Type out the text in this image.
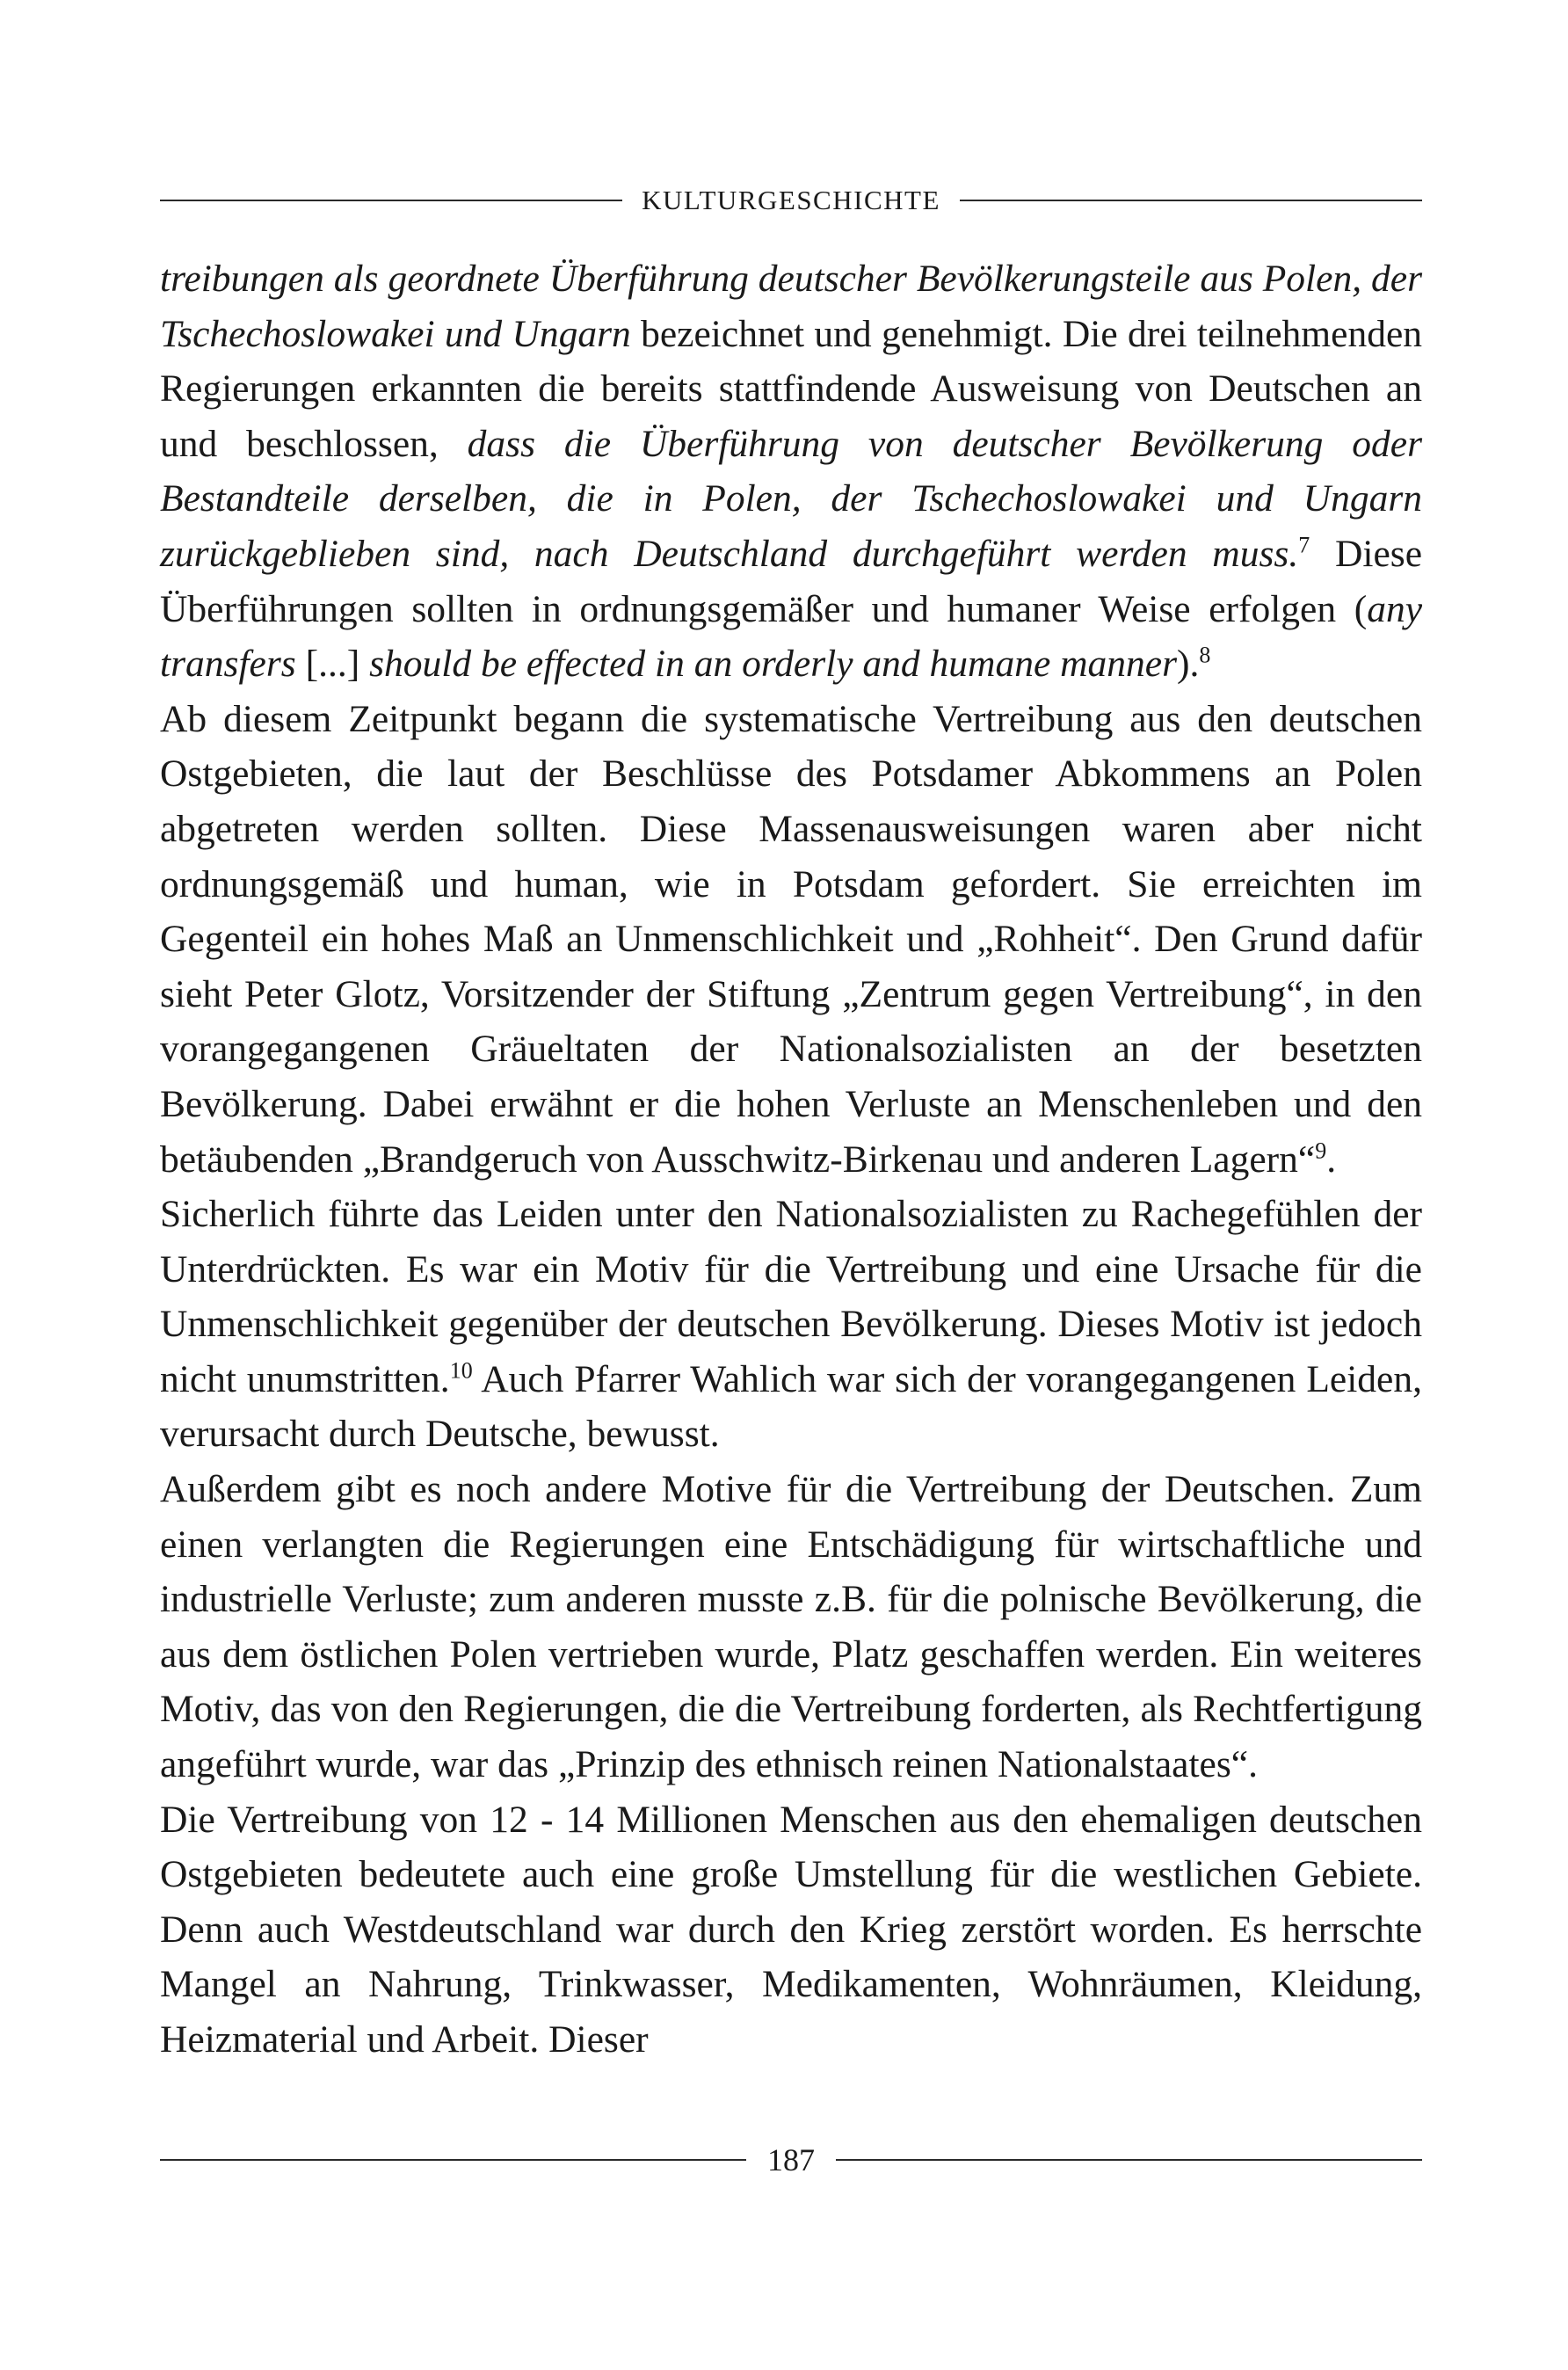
KULTURGESCHICHTE

treibungen als geordnete Überführung deutscher Bevölkerungsteile aus Polen, der Tschechoslowakei und Ungarn bezeichnet und genehmigt. Die drei teilnehmenden Regierungen erkannten die bereits stattfindende Ausweisung von Deutschen an und beschlossen, dass die Überführung von deutscher Bevölkerung oder Bestandteile derselben, die in Polen, der Tschechoslowakei und Ungarn zurückgeblieben sind, nach Deutschland durchgeführt werden muss.$^7$ Diese Überführungen sollten in ordnungsgemäßer und humaner Weise erfolgen (any transfers [...] should be effected in an orderly and humane manner).$^8$

Ab diesem Zeitpunkt begann die systematische Vertreibung aus den deutschen Ostgebieten, die laut der Beschlüsse des Potsdamer Abkommens an Polen abgetreten werden sollten. Diese Massenausweisungen waren aber nicht ordnungsgemäß und human, wie in Potsdam gefordert. Sie erreichten im Gegenteil ein hohes Maß an Unmenschlichkeit und „Rohheit“. Den Grund dafür sieht Peter Glotz, Vorsitzender der Stiftung „Zentrum gegen Vertreibung“, in den vorangegangenen Gräueltaten der Nationalsozialisten an der besetzten Bevölkerung. Dabei erwähnt er die hohen Verluste an Menschenleben und den betäubenden „Brandgeruch von Ausschwitz-Birkenau und anderen Lagern“$^9$.

Sicherlich führte das Leiden unter den Nationalsozialisten zu Rachegefühlen der Unterdrückten. Es war ein Motiv für die Vertreibung und eine Ursache für die Unmenschlichkeit gegenüber der deutschen Bevölkerung. Dieses Motiv ist jedoch nicht unumstritten.$^{10}$ Auch Pfarrer Wahlich war sich der vorangegangenen Leiden, verursacht durch Deutsche, bewusst.

Außerdem gibt es noch andere Motive für die Vertreibung der Deutschen. Zum einen verlangten die Regierungen eine Entschädigung für wirtschaftliche und industrielle Verluste; zum anderen musste z.B. für die polnische Bevölkerung, die aus dem östlichen Polen vertrieben wurde, Platz geschaffen werden. Ein weiteres Motiv, das von den Regierungen, die die Vertreibung forderten, als Rechtfertigung angeführt wurde, war das „Prinzip des ethnisch reinen Nationalstaates“.

Die Vertreibung von 12 - 14 Millionen Menschen aus den ehemaligen deutschen Ostgebieten bedeutete auch eine große Umstellung für die westlichen Gebiete. Denn auch Westdeutschland war durch den Krieg zerstört worden. Es herrschte Mangel an Nahrung, Trinkwasser, Medikamenten, Wohnräumen, Kleidung, Heizmaterial und Arbeit. Dieser

187
